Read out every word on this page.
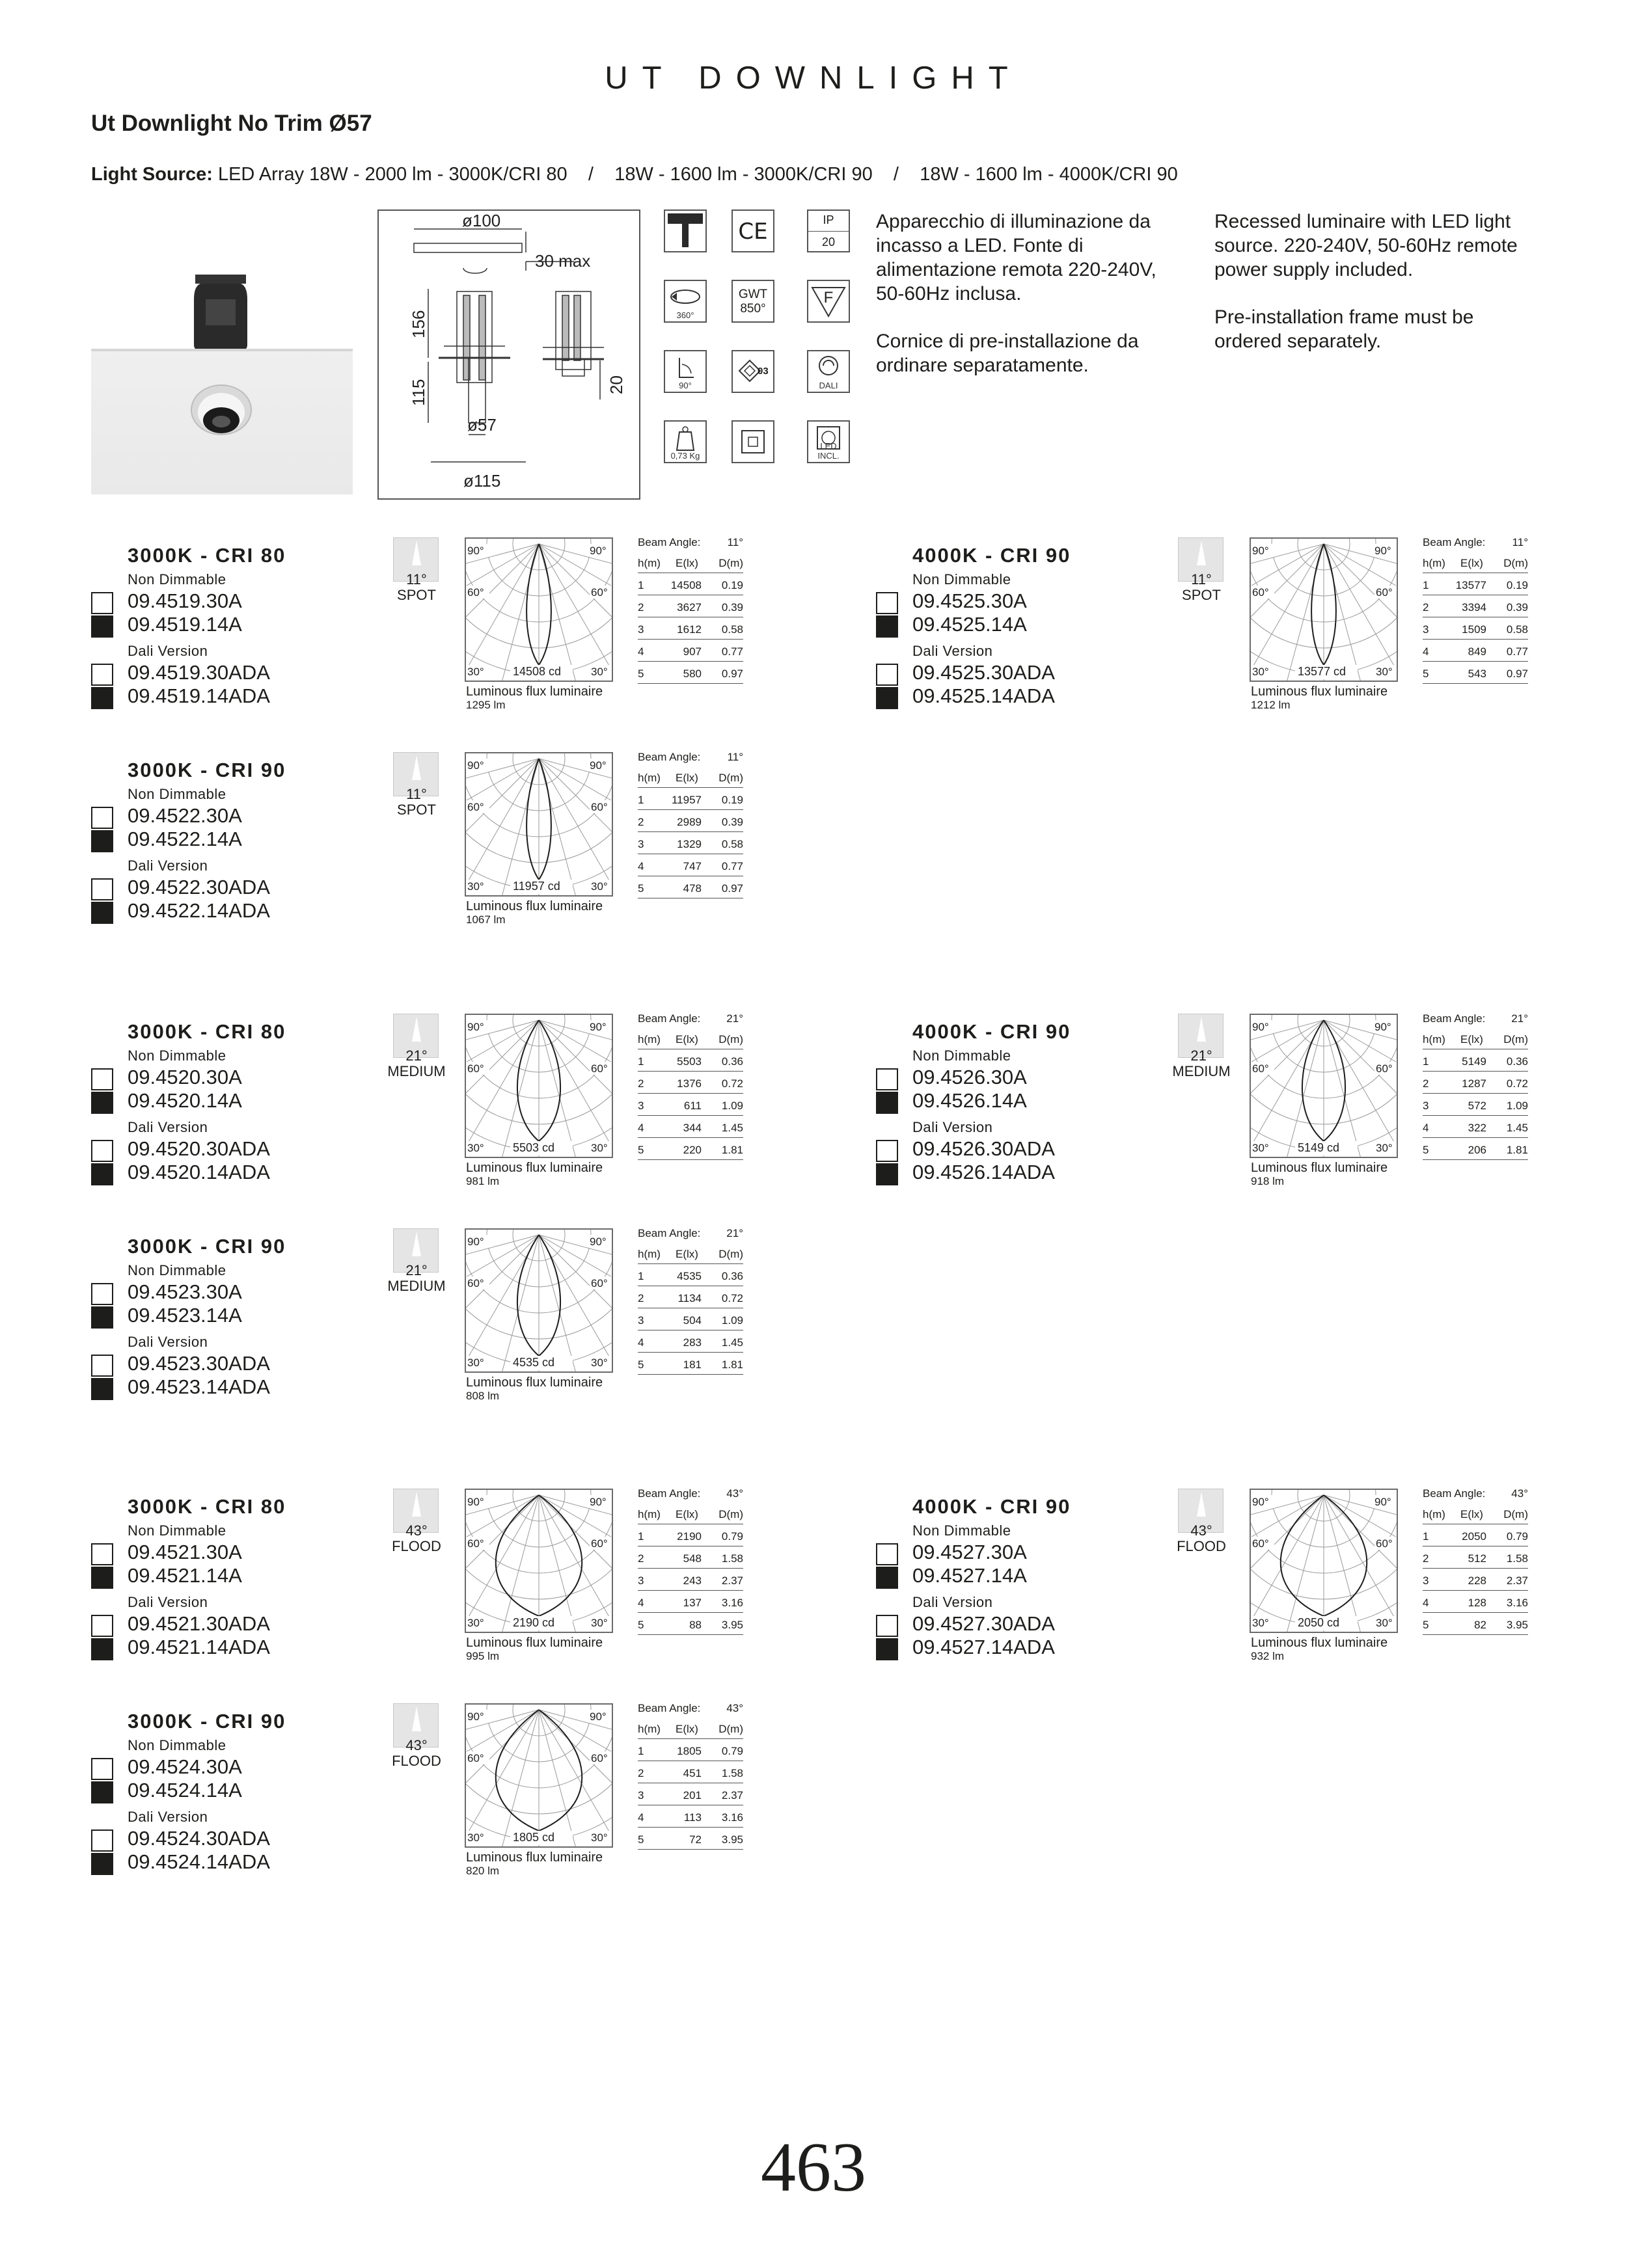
UT DOWNLIGHT
Ut Downlight No Trim Ø57
Light Source: LED Array 18W - 2000 lm - 3000K/CRI 80    /    18W - 1600 lm - 3000K/CRI 90    /    18W - 1600 lm - 4000K/CRI 90
ø100
30 max
156
115	20
ø57
ø115
CE	IP
20
360°
GWT
850°
F
90°
03
DALI
0,73 Kg
LED INCL.
Apparecchio di illuminazione da incasso a LED. Fonte di alimentazione remota 220-240V, 50-60Hz inclusa.
Cornice di pre-installazione da ordinare separatamente.
Recessed luminaire with LED light source. 220-240V, 50-60Hz remote power supply included.
Pre-installation frame must be ordered separately.
3000K - CRI 80
Non Dimmable
09.4519.30A
09.4519.14A
09.4519.30ADA
09.4519.14ADA
Dali Version
11°
SPOT
90°	90°
60°	60°
30°	30°
14508 cd
Luminous flux luminaire
1295 lm
Beam Angle: 11°
h(m) E(lx) D(m)
1 14508 0.19
2	3627 0.39
3	1612 0.58
4	907 0.77
5	580 0.97
4000K - CRI 90
Non Dimmable
09.4525.30A
09.4525.14A
09.4525.30ADA
09.4525.14ADA
Dali Version
11°
SPOT
90°	90°
60°	60°
30°	30°
13577 cd
Luminous flux luminaire
1212 lm
Beam Angle: 11°
h(m) E(lx) D(m)
1 13577 0.19
2	3394 0.39
3	1509 0.58
4	849 0.77
5	543 0.97
3000K - CRI 90
Non Dimmable
09.4522.30A
09.4522.14A
09.4522.30ADA
09.4522.14ADA
Dali Version
11°
SPOT
90°	90°
60°	60°
30°	30°
11957 cd
Luminous flux luminaire
1067 lm
Beam Angle: 11°
h(m) E(lx) D(m)
1	11957 0.19
2	2989 0.39
3	1329 0.58
4	747 0.77
5	478 0.97
3000K - CRI 80
Non Dimmable
09.4520.30A
09.4520.14A
09.4520.30ADA
09.4520.14ADA
Dali Version
21°
MEDIUM
90°	90°
60°	60°
30°	30°
5503 cd
Luminous flux luminaire
981 lm
Beam Angle: 21°
h(m) E(lx) D(m)
1	5503 0.36
2	1376 0.72
3	611 1.09
4	344 1.45
5	220 1.81
4000K - CRI 90
Non Dimmable
09.4526.30A
09.4526.14A
09.4526.30ADA
09.4526.14ADA
Dali Version
21°
MEDIUM
90°	90°
60°	60°
30°	30°
5149 cd
Luminous flux luminaire
918 lm
Beam Angle: 21°
h(m) E(lx) D(m)
1	5149 0.36
2	1287 0.72
3	572 1.09
4	322 1.45
5	206 1.81
3000K - CRI 90
Non Dimmable
09.4523.30A
09.4523.14A
09.4523.30ADA
09.4523.14ADA
Dali Version
21°
MEDIUM
90°	90°
60°	60°
30°	30°
4535 cd
Luminous flux luminaire
808 lm
Beam Angle: 21°
h(m) E(lx) D(m)
1	4535 0.36
2	1134 0.72
3	504 1.09
4	283 1.45
5	181 1.81
3000K - CRI 80
Non Dimmable
09.4521.30A
09.4521.14A
09.4521.30ADA
09.4521.14ADA
Dali Version
43°
FLOOD
90°	90°
60°	60°
30°	30°
2190 cd
Luminous flux luminaire
995 lm
Beam Angle: 43°
h(m) E(lx) D(m)
1	2190 0.79
2	548 1.58
3	243 2.37
4	137 3.16
5	88 3.95
4000K - CRI 90
Non Dimmable
09.4527.30A
09.4527.14A
09.4527.30ADA
09.4527.14ADA
Dali Version
43°
FLOOD
90°	90°
60°	60°
30°	30°
2050 cd
Luminous flux luminaire
932 lm
Beam Angle: 43°
h(m) E(lx) D(m)
1	2050 0.79
2	512 1.58
3	228 2.37
4	128 3.16
5	82 3.95
3000K - CRI 90
Non Dimmable
09.4524.30A
09.4524.14A
09.4524.30ADA
09.4524.14ADA
Dali Version
43°
FLOOD
90°	90°
60°	60°
30°	30°
1805 cd
Luminous flux luminaire
820 lm
Beam Angle: 43°
h(m) E(lx) D(m)
1	1805 0.79
2	451 1.58
3	201 2.37
4	113 3.16
5	72 3.95
463
